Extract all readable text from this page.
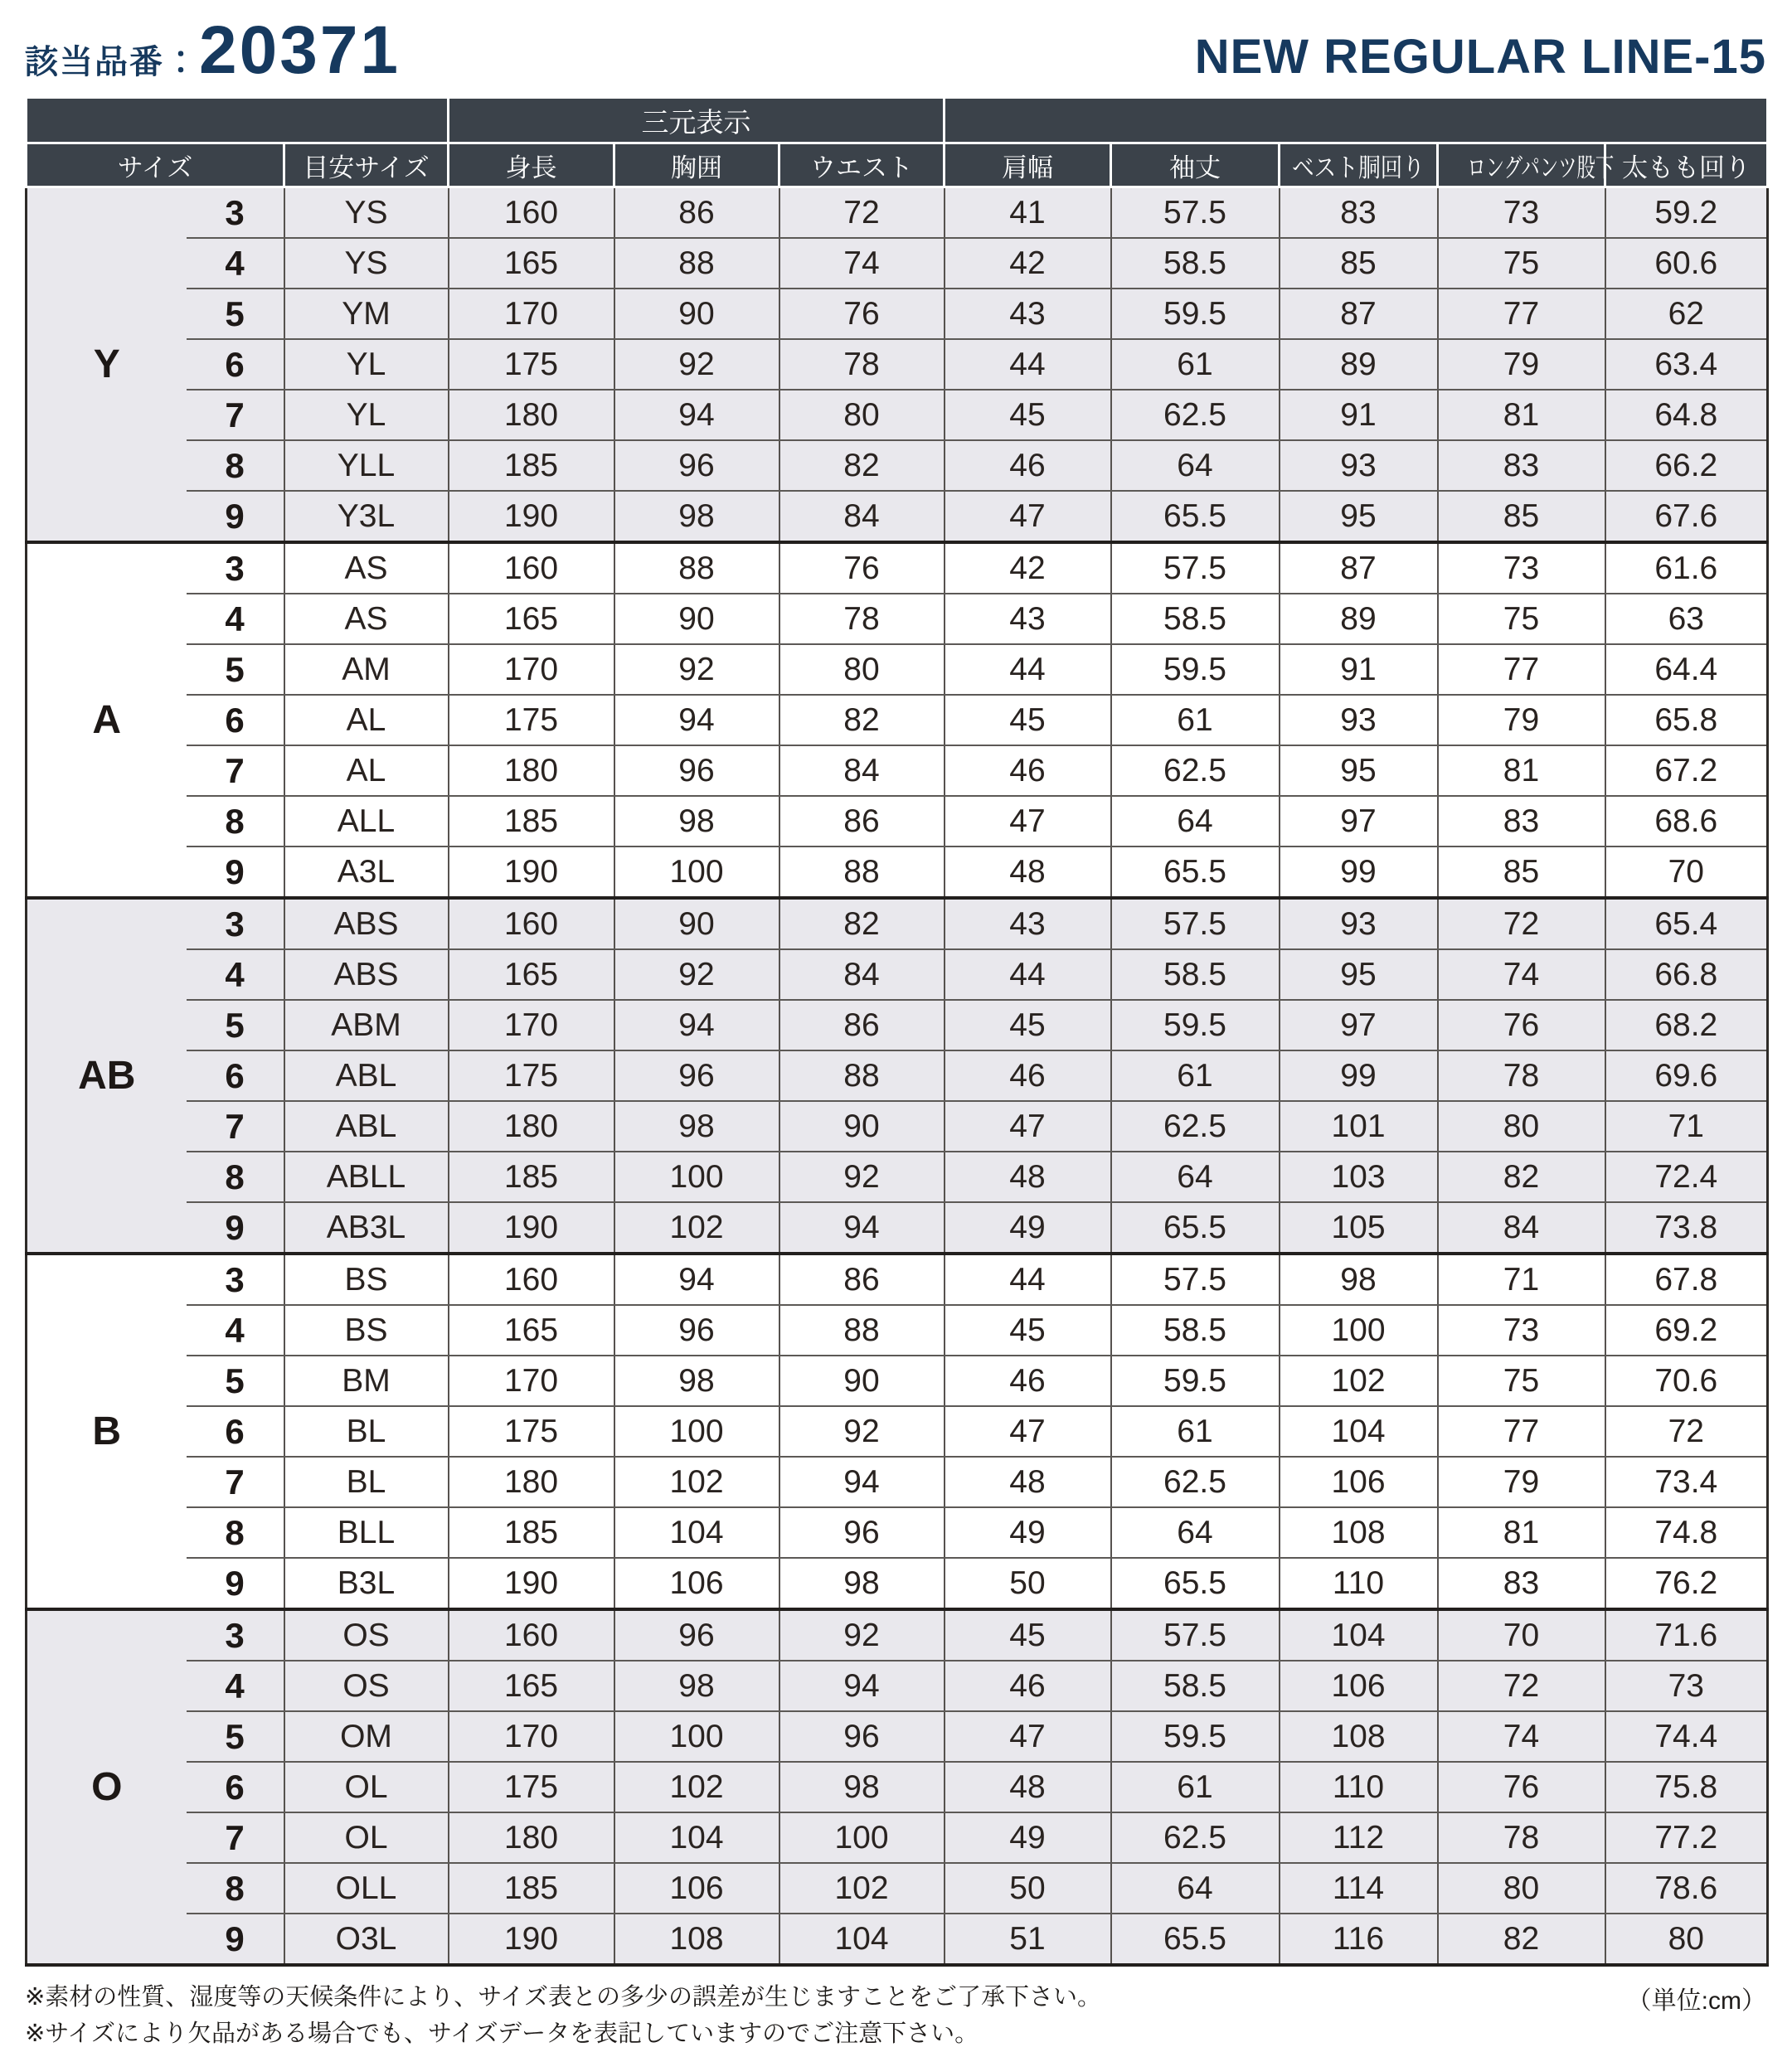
該当品番：20371	NEW REGULAR LINE-15
			三元表示							
サイズ		目安サイズ	身長	胸囲	ウエスト	肩幅	袖丈	ベスト胴回り	ロングパンツ股下	太もも回り
Y	3	YS	160	86	72	41	57.5	83	73	59.2
	4	YS	165	88	74	42	58.5	85	75	60.6
	5	YM	170	90	76	43	59.5	87	77	62
	6	YL	175	92	78	44	61	89	79	63.4
	7	YL	180	94	80	45	62.5	91	81	64.8
	8	YLL	185	96	82	46	64	93	83	66.2
	9	Y3L	190	98	84	47	65.5	95	85	67.6
A	3	AS	160	88	76	42	57.5	87	73	61.6
	4	AS	165	90	78	43	58.5	89	75	63
	5	AM	170	92	80	44	59.5	91	77	64.4
	6	AL	175	94	82	45	61	93	79	65.8
	7	AL	180	96	84	46	62.5	95	81	67.2
	8	ALL	185	98	86	47	64	97	83	68.6
	9	A3L	190	100	88	48	65.5	99	85	70
AB	3	ABS	160	90	82	43	57.5	93	72	65.4
	4	ABS	165	92	84	44	58.5	95	74	66.8
	5	ABM	170	94	86	45	59.5	97	76	68.2
	6	ABL	175	96	88	46	61	99	78	69.6
	7	ABL	180	98	90	47	62.5	101	80	71
	8	ABLL	185	100	92	48	64	103	82	72.4
	9	AB3L	190	102	94	49	65.5	105	84	73.8
B	3	BS	160	94	86	44	57.5	98	71	67.8
	4	BS	165	96	88	45	58.5	100	73	69.2
	5	BM	170	98	90	46	59.5	102	75	70.6
	6	BL	175	100	92	47	61	104	77	72
	7	BL	180	102	94	48	62.5	106	79	73.4
	8	BLL	185	104	96	49	64	108	81	74.8
	9	B3L	190	106	98	50	65.5	110	83	76.2
O	3	OS	160	96	92	45	57.5	104	70	71.6
	4	OS	165	98	94	46	58.5	106	72	73
	5	OM	170	100	96	47	59.5	108	74	74.4
	6	OL	175	102	98	48	61	110	76	75.8
	7	OL	180	104	100	49	62.5	112	78	77.2
	8	OLL	185	106	102	50	64	114	80	78.6
	9	O3L	190	108	104	51	65.5	116	82	80
※素材の性質、湿度等の天候条件により、サイズ表との多少の誤差が生じますことをご了承下さい。
※サイズにより欠品がある場合でも、サイズデータを表記していますのでご注意下さい。
（単位:cm）
